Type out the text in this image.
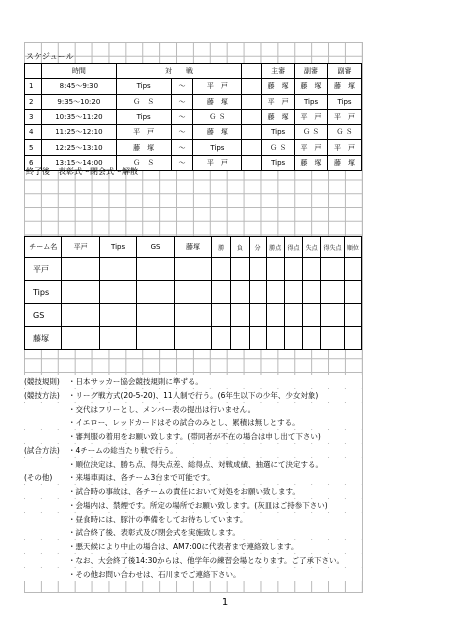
スケジュール
	時間	対　　戦				主審	副審	副審
1	8:45～9:30	Tips	～	平　戸		藤　塚	藤　塚	藤　塚
2	9:35～10:20	Ｇ　Ｓ	～	藤　塚		平　戸	Tips	Tips
3	10:35～11:20	Tips	～	Ｇ Ｓ		藤　塚	平　戸	平　戸
4	11:25～12:10	平　戸	～	藤　塚		Tips	Ｇ Ｓ	Ｇ Ｓ
5	12:25～13:10	藤　塚	～	Tips		Ｇ Ｓ	平　戸	平　戸
6	13:15～14:00	Ｇ　Ｓ	～	平　戸		Tips	藤　塚	藤　塚
終了後　表彰式～閉会式～解散
チーム名	平戸	Tips	GS	藤塚	勝	負	分	勝点	得点	失点	得失点	順位
平戸												
Tips												
GS												
藤塚												
(競技規則)	・日本サッカー協会競技規則に準ずる。
(競技方法)	・リーグ戦方式(20-5-20)、11人制で行う。(6年生以下の少年、少女対象)
・交代はフリーとし、メンバー表の提出は行いません。
・イエロー、レッドカードはその試合のみとし、累積は無しとする。
・審判服の着用をお願い致します。(帯同者が不在の場合は申し出て下さい)
(試合方法)	・4チームの総当たり戦で行う。
・順位決定は、勝ち点、得失点差、総得点、対戦成績、抽選にて決定する。
(その他)	・来場車両は、各チーム3台まで可能です。
・試合時の事故は、各チームの責任において対処をお願い致します。
・会場内は、禁煙です。所定の場所でお願い致します。(灰皿はご持参下さい)
・昼食時には、豚汁の準備をしてお待ちしています。
・試合終了後、表彰式及び閉会式を実施致します。
・悪天候により中止の場合は、AM7:00に代表者まで連絡致します。
・なお、大会終了後14:30からは、他学年の練習会場となります。ご了承下さい。
・その他お問い合わせは、石川までご連絡下さい。
1
